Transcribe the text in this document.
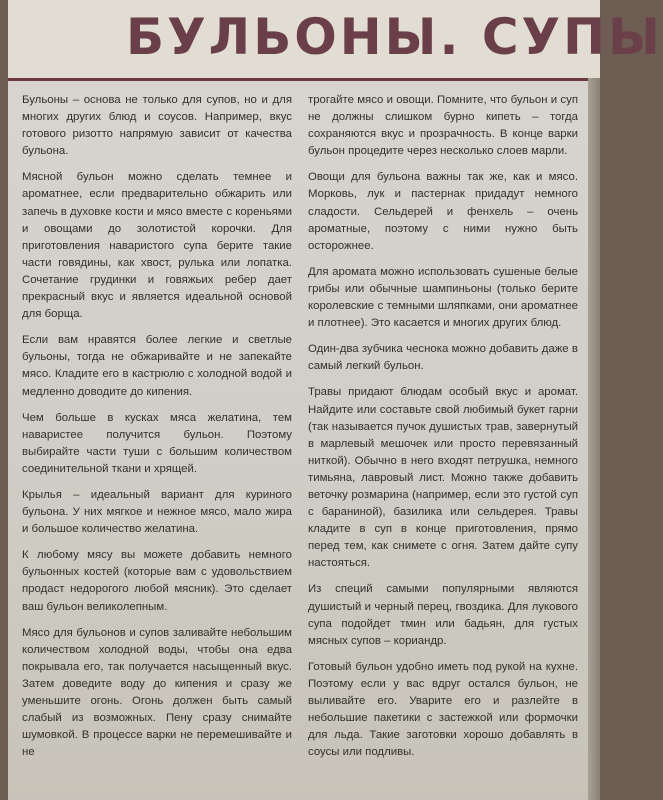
БУЛЬОНЫ. СУПЫ

Бульоны – основа не только для супов, но и для многих других блюд и соусов. Например, вкус готового ризотто напрямую зависит от качества бульона.

Мясной бульон можно сделать темнее и ароматнее, если предварительно обжарить или запечь в духовке кости и мясо вместе с кореньями и овощами до золотистой корочки. Для приготовления наваристого супа берите такие части говядины, как хвост, рулька или лопатка. Сочетание грудинки и говяжьих ребер дает прекрасный вкус и является идеальной основой для борща.

Если вам нравятся более легкие и светлые бульоны, тогда не обжаривайте и не запекайте мясо. Кладите его в кастрюлю с холодной водой и медленно доводите до кипения.

Чем больше в кусках мяса желатина, тем наваристее получится бульон. Поэтому выбирайте части туши с большим количеством соединительной ткани и хрящей.

Крылья – идеальный вариант для куриного бульона. У них мягкое и нежное мясо, мало жира и большое количество желатина.

К любому мясу вы можете добавить немного бульонных костей (которые вам с удовольствием продаст недорогого любой мясник). Это сделает ваш бульон великолепным.

Мясо для бульонов и супов заливайте небольшим количеством холодной воды, чтобы она едва покрывала его, так получается насыщенный вкус. Затем доведите воду до кипения и сразу же уменьшите огонь. Огонь должен быть самый слабый из возможных. Пену сразу снимайте шумовкой. В процессе варки не перемешивайте и не

трогайте мясо и овощи. Помните, что бульон и суп не должны слишком бурно кипеть – тогда сохраняются вкус и прозрачность. В конце варки бульон процедите через несколько слоев марли.

Овощи для бульона важны так же, как и мясо. Морковь, лук и пастернак придадут немного сладости. Сельдерей и фенхель – очень ароматные, поэтому с ними нужно быть осторожнее.

Для аромата можно использовать сушеные белые грибы или обычные шампиньоны (только берите королевские с темными шляпками, они ароматнее и плотнее). Это касается и многих других блюд.

Один-два зубчика чеснока можно добавить даже в самый легкий бульон.

Травы придают блюдам особый вкус и аромат. Найдите или составьте свой любимый букет гарни (так называется пучок душистых трав, завернутый в марлевый мешочек или просто перевязанный ниткой). Обычно в него входят петрушка, немного тимьяна, лавровый лист. Можно также добавить веточку розмарина (например, если это густой суп с бараниной), базилика или сельдерея. Травы кладите в суп в конце приготовления, прямо перед тем, как снимете с огня. Затем дайте супу настояться.

Из специй самыми популярными являются душистый и черный перец, гвоздика. Для лукового супа подойдет тмин или бадьян, для густых мясных супов – кориандр.

Готовый бульон удобно иметь под рукой на кухне. Поэтому если у вас вдруг остался бульон, не выливайте его. Уварите его и разлейте в небольшие пакетики с застежкой или формочки для льда. Такие заготовки хорошо добавлять в соусы или подливы.
